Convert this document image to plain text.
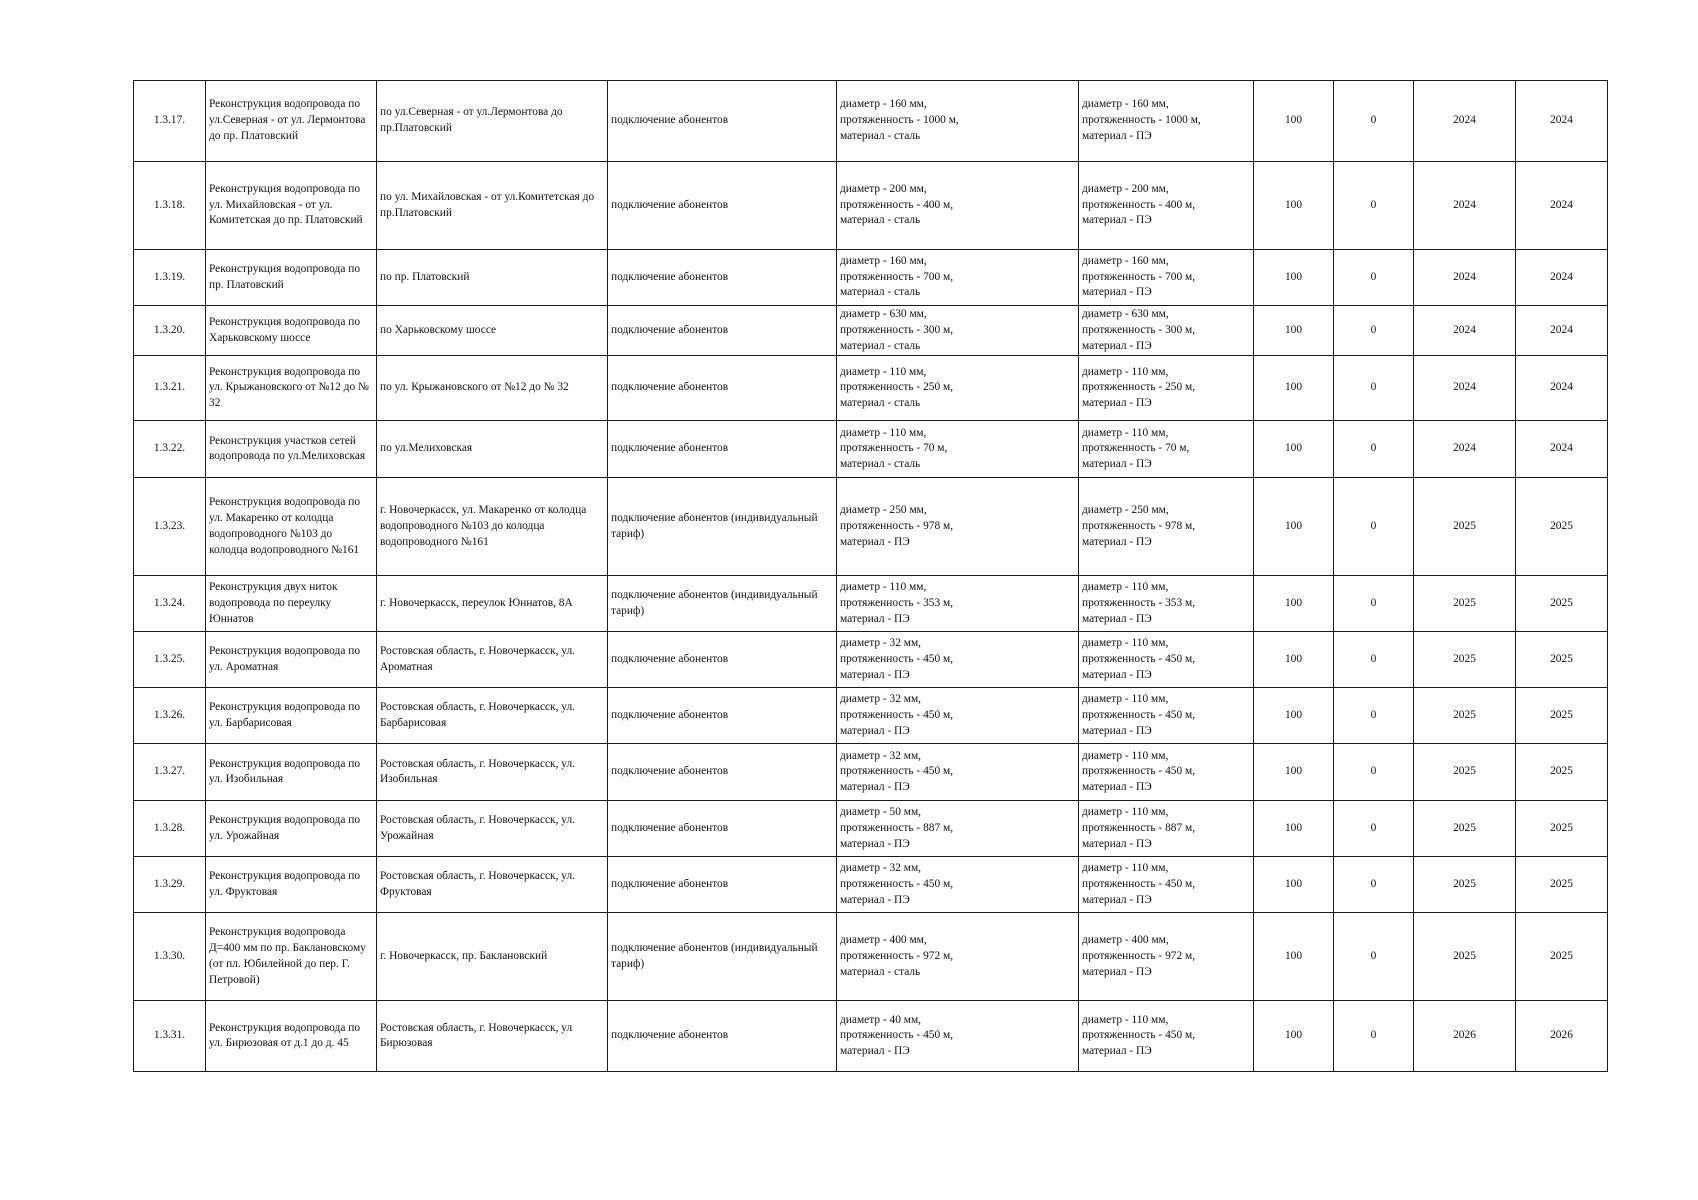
1.3.17.	Реконструкция водопровода по ул.Северная - от ул. Лермонтова до пр. Платовский	по ул.Северная - от ул.Лермонтова до пр.Платовский	подключение абонентов	диаметр - 160 мм,
протяженность - 1000 м,
материал - сталь	диаметр - 160 мм,
протяженность - 1000 м,
материал - ПЭ	100	0	2024	2024
1.3.18.	Реконструкция водопровода по ул. Михайловская - от ул. Комитетская до пр. Платовский	по ул. Михайловская - от ул.Комитетская до пр.Платовский	подключение абонентов	диаметр - 200 мм,
протяженность - 400 м,
материал - сталь	диаметр - 200 мм,
протяженность - 400 м,
материал - ПЭ	100	0	2024	2024
1.3.19.	Реконструкция водопровода по пр. Платовский	по пр. Платовский	подключение абонентов	диаметр - 160 мм,
протяженность - 700 м,
материал - сталь	диаметр - 160 мм,
протяженность - 700 м,
материал - ПЭ	100	0	2024	2024
1.3.20.	Реконструкция водопровода по Харьковскому шоссе	по Харьковскому шоссе	подключение абонентов	диаметр - 630 мм,
протяженность - 300 м,
материал - сталь	диаметр - 630 мм,
протяженность - 300 м,
материал - ПЭ	100	0	2024	2024
1.3.21.	Реконструкция водопровода по ул. Крыжановского от №12 до № 32	по ул. Крыжановского от №12 до № 32	подключение абонентов	диаметр - 110 мм,
протяженность - 250 м,
материал - сталь	диаметр - 110 мм,
протяженность - 250 м,
материал - ПЭ	100	0	2024	2024
1.3.22.	Реконструкция участков сетей водопровода по ул.Мелиховская	по ул.Мелиховская	подключение абонентов	диаметр - 110 мм,
протяженность - 70 м,
материал - сталь	диаметр - 110 мм,
протяженность - 70 м,
материал - ПЭ	100	0	2024	2024
1.3.23.	Реконструкция водопровода по ул. Макаренко от колодца водопроводного №103 до колодца водопроводного №161	г. Новочеркасск, ул. Макаренко от колодца водопроводного №103 до колодца водопроводного №161	подключение абонентов (индивидуальный тариф)	диаметр - 250 мм,
протяженность - 978 м,
материал - ПЭ	диаметр - 250 мм,
протяженность - 978 м,
материал - ПЭ	100	0	2025	2025
1.3.24.	Реконструкция двух ниток водопровода по переулку Юннатов	г. Новочеркасск, переулок Юннатов, 8А	подключение абонентов (индивидуальный тариф)	диаметр - 110 мм,
протяженность - 353 м,
материал - ПЭ	диаметр - 110 мм,
протяженность - 353 м,
материал - ПЭ	100	0	2025	2025
1.3.25.	Реконструкция водопровода по ул. Ароматная	Ростовская область, г. Новочеркасск, ул. Ароматная	подключение абонентов	диаметр - 32 мм,
протяженность - 450 м,
материал - ПЭ	диаметр - 110 мм,
протяженность - 450 м,
материал - ПЭ	100	0	2025	2025
1.3.26.	Реконструкция водопровода по ул. Барбарисовая	Ростовская область, г. Новочеркасск, ул. Барбарисовая	подключение абонентов	диаметр - 32 мм,
протяженность - 450 м,
материал - ПЭ	диаметр - 110 мм,
протяженность - 450 м,
материал - ПЭ	100	0	2025	2025
1.3.27.	Реконструкция водопровода по ул. Изобильная	Ростовская область, г. Новочеркасск, ул. Изобильная	подключение абонентов	диаметр - 32 мм,
протяженность - 450 м,
материал - ПЭ	диаметр - 110 мм,
протяженность - 450 м,
материал - ПЭ	100	0	2025	2025
1.3.28.	Реконструкция водопровода по ул. Урожайная	Ростовская область, г. Новочеркасск, ул. Урожайная	подключение абонентов	диаметр - 50 мм,
протяженность - 887 м,
материал - ПЭ	диаметр - 110 мм,
протяженность - 887 м,
материал - ПЭ	100	0	2025	2025
1.3.29.	Реконструкция водопровода по ул. Фруктовая	Ростовская область, г. Новочеркасск, ул. Фруктовая	подключение абонентов	диаметр - 32 мм,
протяженность - 450 м,
материал - ПЭ	диаметр - 110 мм,
протяженность - 450 м,
материал - ПЭ	100	0	2025	2025
1.3.30.	Реконструкция водопровода Д=400 мм по пр. Баклановскому (от пл. Юбилейной до пер. Г. Петровой)	г. Новочеркасск, пр. Баклановский	подключение абонентов (индивидуальный тариф)	диаметр - 400 мм,
протяженность - 972 м,
материал - сталь	диаметр - 400 мм,
протяженность - 972 м,
материал - ПЭ	100	0	2025	2025
1.3.31.	Реконструкция водопровода по ул. Бирюзовая от д.1 до д. 45	Ростовская область, г. Новочеркасск, ул Бирюзовая	подключение абонентов	диаметр - 40 мм,
протяженность - 450 м,
материал - ПЭ	диаметр - 110 мм,
протяженность - 450 м,
материал - ПЭ	100	0	2026	2026
